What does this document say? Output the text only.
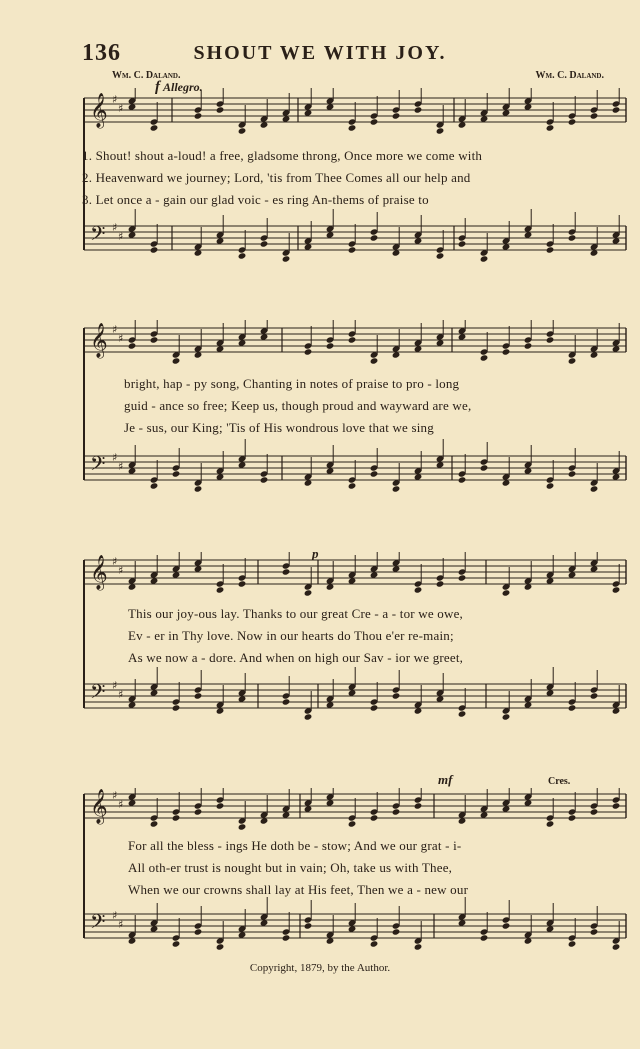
136	SHOUT WE WITH JOY.
Wm. C. Daland.	Wm. C. Daland.
f Allegro.
𝄞
𝄢
♯
♯
♯
♯
1. Shout! shout a-loud! a free, gladsome throng, Once more we come with
2. Heavenward we journey; Lord, 'tis from Thee Comes all our help and
3. Let once a - gain our glad voic - es ring An-thems of praise to
𝄞
𝄢
♯
♯
♯
♯
bright, hap - py song, Chanting in notes of praise to pro - long
guid - ance so free; Keep us, though proud and wayward are we,
Je - sus, our King; 'Tis of His wondrous love that we sing
𝄞
𝄢
♯
♯
♯
♯
p
This our joy-ous lay. Thanks to our great Cre - a - tor we owe,
Ev - er in Thy love. Now in our hearts do Thou e'er re-main;
As we now a - dore. And when on high our Sav - ior we greet,
𝄞
𝄢
♯
♯
♯
♯
mf	Cres.
For all the bless - ings He doth be - stow; And we our grat - i-
All oth-er trust is nought but in vain; Oh, take us with Thee,
When we our crowns shall lay at His feet, Then we a - new our
Copyright, 1879, by the Author.
